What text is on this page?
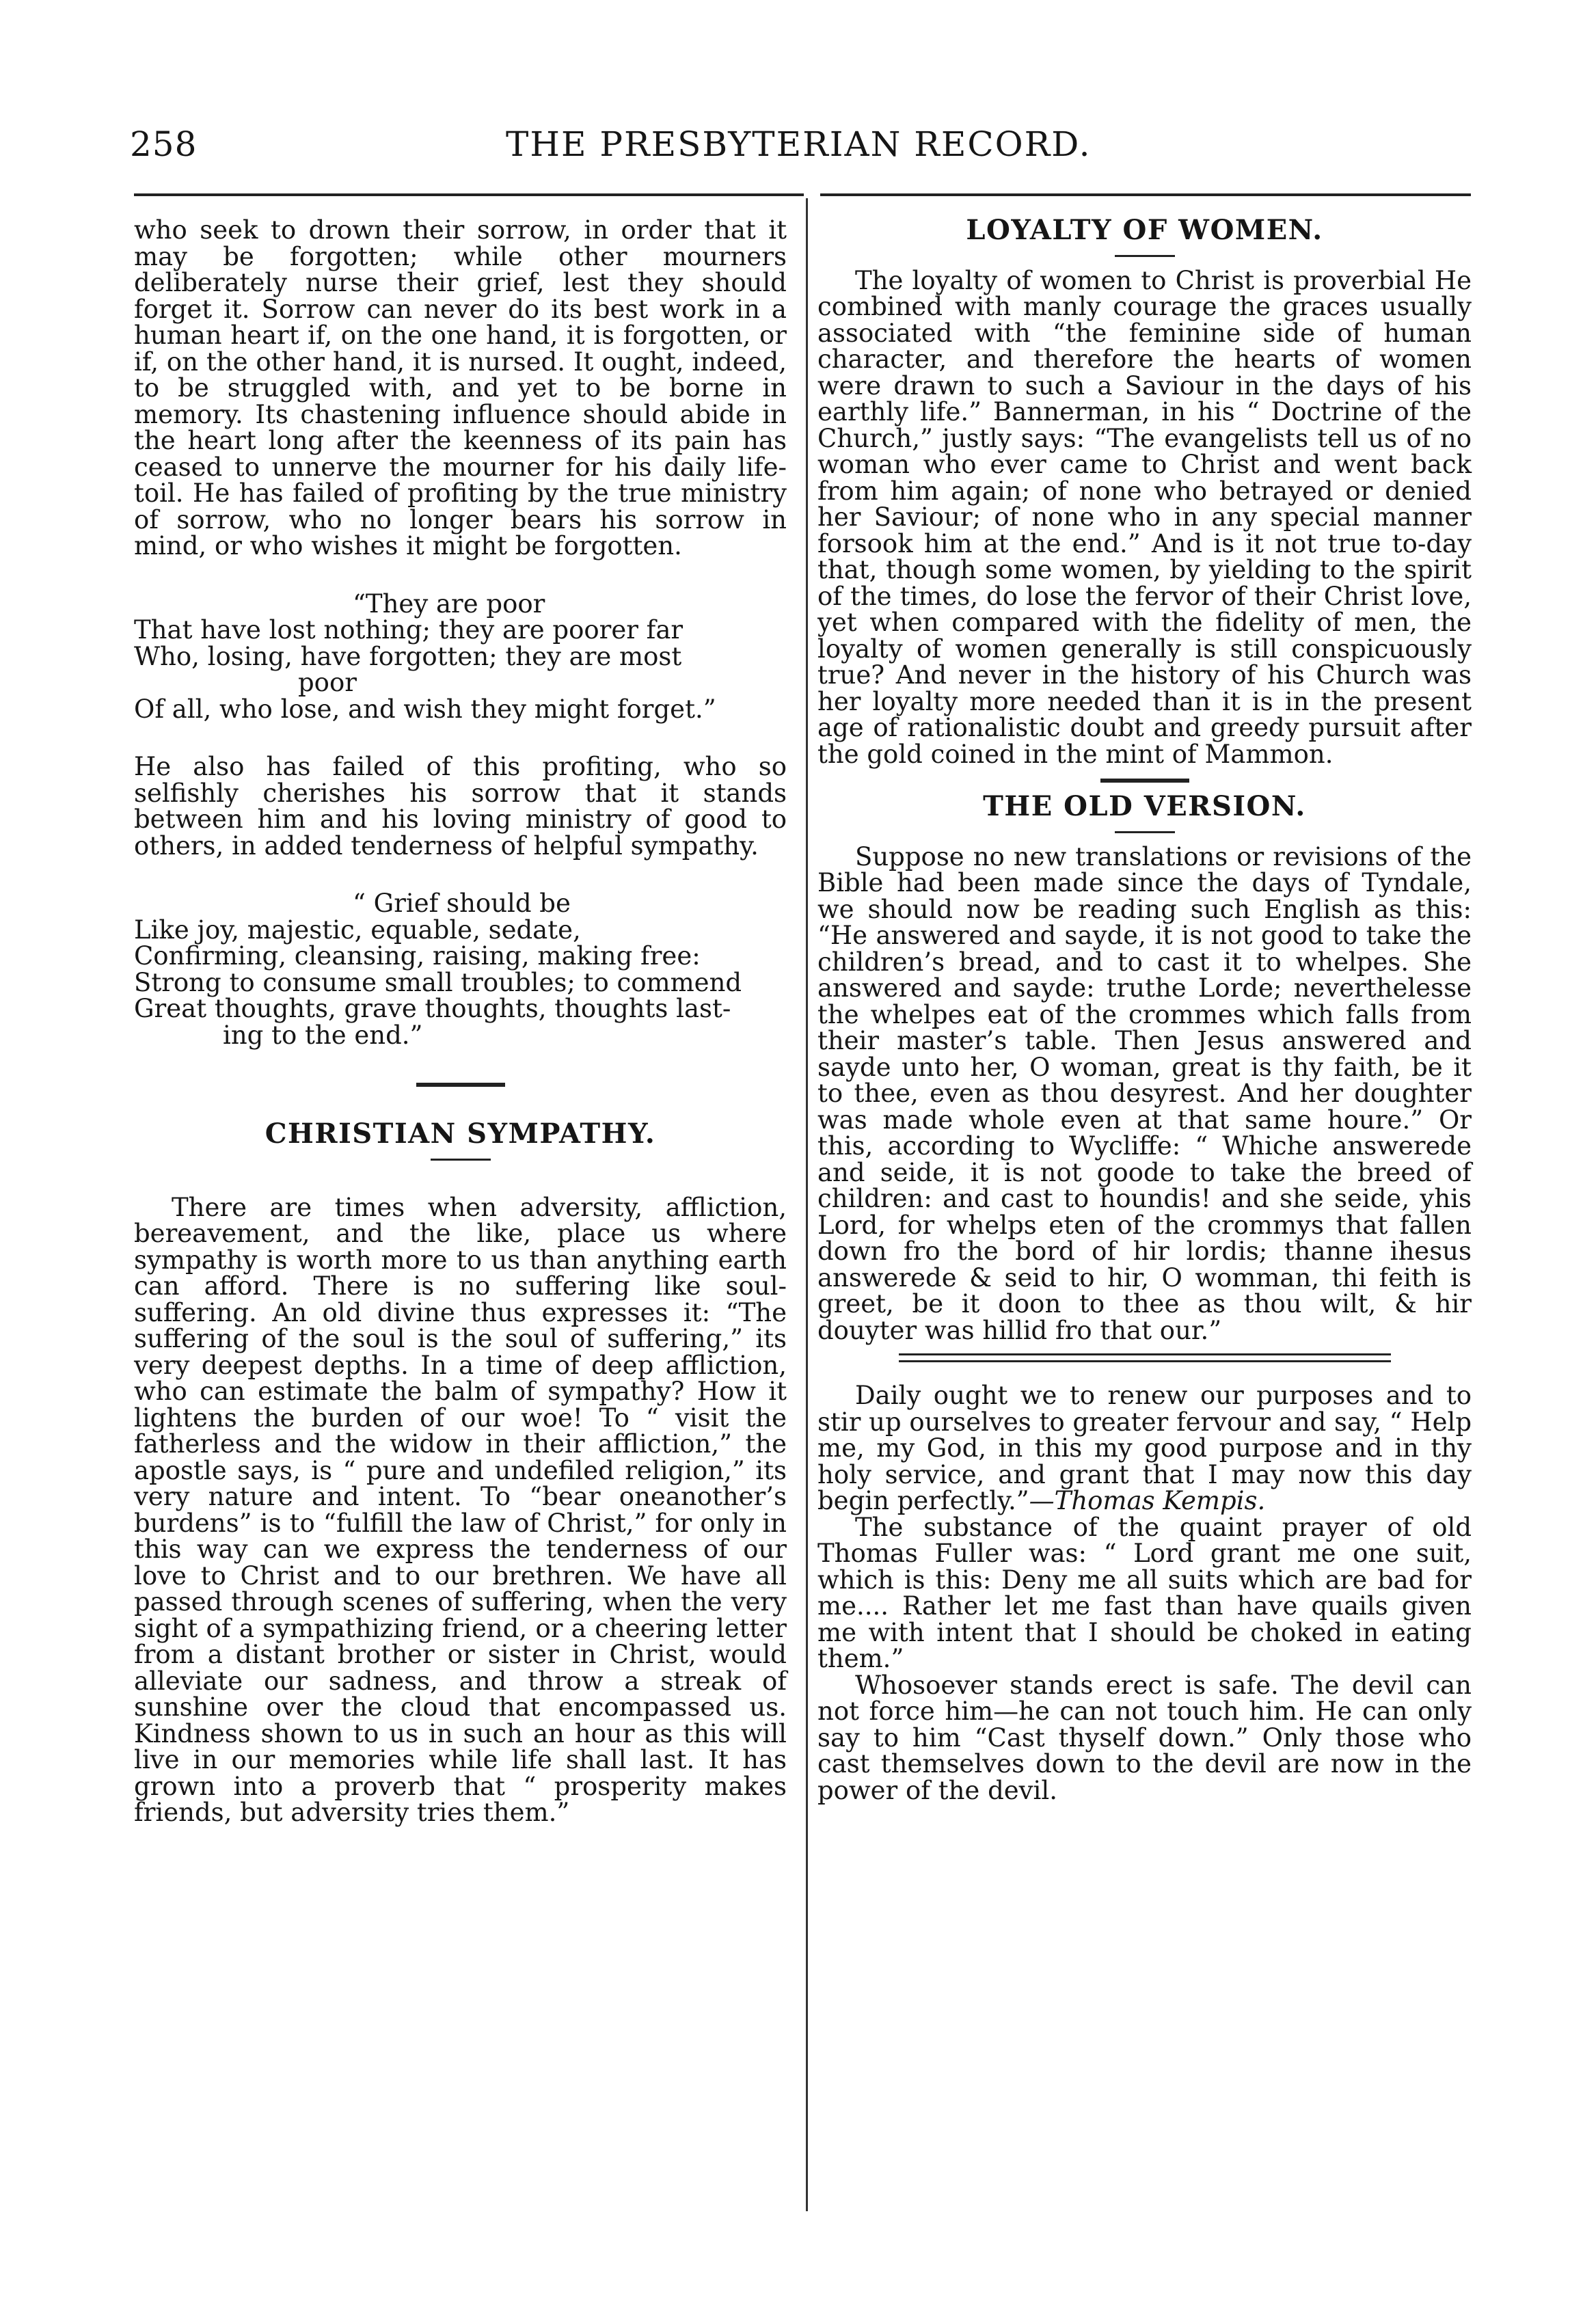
258	THE PRESBYTERIAN RECORD.

who seek to drown their sorrow, in order that it may be forgotten; while other mourners deliberately nurse their grief, lest they should forget it. Sorrow can never do its best work in a human heart if, on the one hand, it is forgotten, or if, on the other hand, it is nursed. It ought, indeed, to be struggled with, and yet to be borne in memory. Its chastening influence should abide in the heart long after the keenness of its pain has ceased to unnerve the mourner for his daily life-toil. He has failed of profiting by the true ministry of sorrow, who no longer bears his sorrow in mind, or who wishes it might be forgotten.

“They are poor
That have lost nothing; they are poorer far
Who, losing, have forgotten; they are most
poor
Of all, who lose, and wish they might forget.”

He also has failed of this profiting, who so selfishly cherishes his sorrow that it stands between him and his loving ministry of good to others, in added tenderness of helpful sympathy.

“ Grief should be
Like joy, majestic, equable, sedate,
Confirming, cleansing, raising, making free:
Strong to consume small troubles; to commend
Great thoughts, grave thoughts, thoughts last-
ing to the end.”
CHRISTIAN SYMPATHY.

There are times when adversity, affliction, bereavement, and the like, place us where sympathy is worth more to us than anything earth can afford. There is no suffering like soul-suffering. An old divine thus expresses it: “The suffering of the soul is the soul of suffering,” its very deepest depths. In a time of deep affliction, who can estimate the balm of sympathy? How it lightens the burden of our woe! To “ visit the fatherless and the widow in their affliction,” the apostle says, is “ pure and undefiled religion,” its very nature and intent. To “bear oneanother’s burdens” is to “fulfill the law of Christ,” for only in this way can we express the tenderness of our love to Christ and to our brethren. We have all passed through scenes of suffering, when the very sight of a sympathizing friend, or a cheering letter from a distant brother or sister in Christ, would alleviate our sadness, and throw a streak of sunshine over the cloud that encompassed us. Kindness shown to us in such an hour as this will live in our memories while life shall last. It has grown into a proverb that “ prosperity makes friends, but adversity tries them.”

LOYALTY OF WOMEN.

The loyalty of women to Christ is proverbial He combined with manly courage the graces usually associated with “the feminine side of human character, and therefore the hearts of women were drawn to such a Saviour in the days of his earthly life.” Bannerman, in his “ Doctrine of the Church,” justly says: “The evangelists tell us of no woman who ever came to Christ and went back from him again; of none who betrayed or denied her Saviour; of none who in any special manner forsook him at the end.” And is it not true to-day that, though some women, by yielding to the spirit of the times, do lose the fervor of their Christ love, yet when compared with the fidelity of men, the loyalty of women generally is still conspicuously true? And never in the history of his Church was her loyalty more needed than it is in the present age of rationalistic doubt and greedy pursuit after the gold coined in the mint of Mammon.

THE OLD VERSION.

Suppose no new translations or revisions of the Bible had been made since the days of Tyndale, we should now be reading such English as this: “He answered and sayde, it is not good to take the children’s bread, and to cast it to whelpes. She answered and sayde: truthe Lorde; neverthelesse the whelpes eat of the crommes which falls from their master’s table. Then Jesus answered and sayde unto her, O woman, great is thy faith, be it to thee, even as thou desyrest. And her doughter was made whole even at that same houre.” Or this, according to Wycliffe: “ Whiche answerede and seide, it is not goode to take the breed of children: and cast to houndis! and she seide, yhis Lord, for whelps eten of the crommys that fallen down fro the bord of hir lordis; thanne ihesus answerede & seid to hir, O womman, thi feith is greet, be it doon to thee as thou wilt, & hir douyter was hillid fro that our.”

Daily ought we to renew our purposes and to stir up ourselves to greater fervour and say, “ Help me, my God, in this my good purpose and in thy holy service, and grant that I may now this day begin perfectly.”—Thomas Kempis.

The substance of the quaint prayer of old Thomas Fuller was: “ Lord grant me one suit, which is this: Deny me all suits which are bad for me.... Rather let me fast than have quails given me with intent that I should be choked in eating them.”

Whosoever stands erect is safe. The devil can not force him—he can not touch him. He can only say to him “Cast thyself down.” Only those who cast themselves down to the devil are now in the power of the devil.
